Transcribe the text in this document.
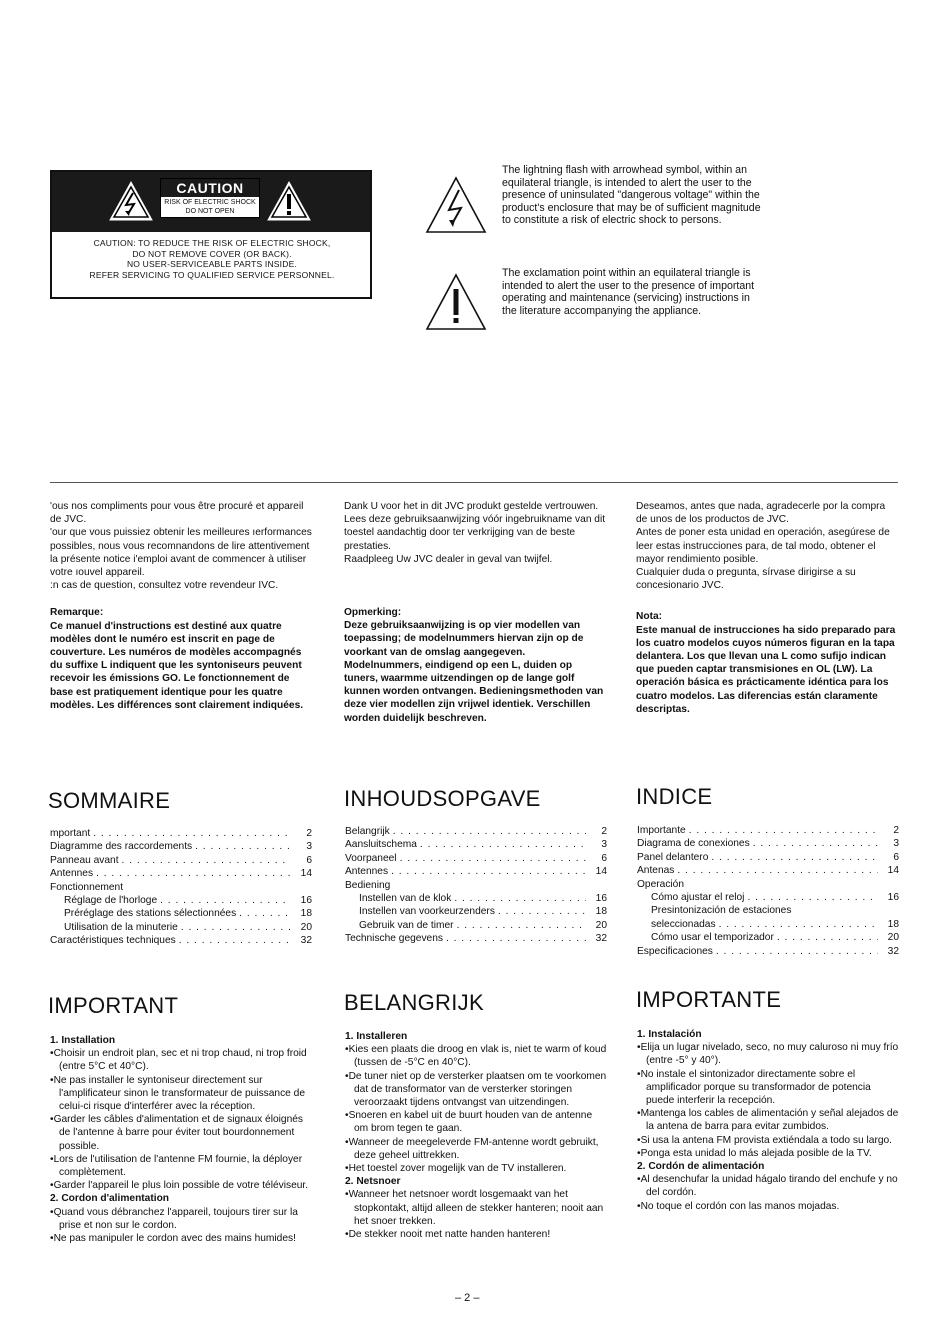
CAUTION
RISK OF ELECTRIC SHOCK
DO NOT OPEN
CAUTION: TO REDUCE THE RISK OF ELECTRIC SHOCK,
DO NOT REMOVE COVER (OR BACK).
NO USER-SERVICEABLE PARTS INSIDE.
REFER SERVICING TO QUALIFIED SERVICE PERSONNEL.
The lightning flash with arrowhead symbol, within an equilateral triangle, is intended to alert the user to the presence of uninsulated "dangerous voltage" within the product's enclosure that may be of sufficient magnitude to constitute a risk of electric shock to persons.
The exclamation point within an equilateral triangle is intended to alert the user to the presence of important operating and maintenance (servicing) instructions in the literature accompanying the appliance.

'ous nos compliments pour vous être procuré et appareil de JVC.

'our que vous puissiez obtenir les meilleures ıerformances possibles, nous vous recomnandons de lire attentivement la présente notice i'emploi avant de commencer à utiliser votre ıouvel appareil.

:n cas de question, consultez votre revendeur IVC.

Remarque:
Ce manuel d'instructions est destiné aux quatre modèles dont le numéro est inscrit en page de couverture. Les numéros de modèles accompagnés du suffixe L indiquent que les syntoniseurs peuvent recevoir les émissions GO. Le fonctionnement de base est pratiquement identique pour les quatre modèles. Les différences sont clairement indiquées.

Dank U voor het in dit JVC produkt gestelde vertrouwen.

Lees deze gebruiksaanwijzing vóór ingebruikname van dit toestel aandachtig door ter verkrijging van de beste prestaties.

Raadpleeg Uw JVC dealer in geval van twijfel.

Opmerking:
Deze gebruiksaanwijzing is op vier modellen van toepassing; de modelnummers hiervan zijn op de voorkant van de omslag aangegeven. Modelnummers, eindigend op een L, duiden op tuners, waarmme uitzendingen op de lange golf kunnen worden ontvangen. Bedieningsmethoden van deze vier modellen zijn vrijwel identiek. Verschillen worden duidelijk beschreven.

Deseamos, antes que nada, agradecerle por la compra de unos de los productos de JVC.

Antes de poner esta unidad en operación, asegúrese de leer estas instrucciones para, de tal modo, obtener el mayor rendimiento posible.

Cualquier duda o pregunta, sírvase dirigirse a su concesionario JVC.

Nota:
Este manual de instrucciones ha sido preparado para los cuatro modelos cuyos números figuran en la tapa delantera. Los que llevan una L como sufijo indican que pueden captar transmisiones en OL (LW). La operación básica es prácticamente idéntica para los cuatro modelos. Las diferencias están claramente descriptas.
SOMMAIRE	INHOUDSOPGAVE	INDICE
mportant . . .	2
Diagramme des raccordements . . .	3
Panneau avant . . .	6
Antennes . . .	14
Fonctionnement
Réglage de l'horloge . . .	16
Préréglage des stations sélectionnées . . .	18
Utilisation de la minuterie . . .	20
Caractéristiques techniques . . .	32
Belangrijk . . .	2
Aansluitschema . . .	3
Voorpaneel . . .	6
Antennes . . .	14
Bediening
Instellen van de klok . . .	16
Instellen van voorkeurzenders . . .	18
Gebruik van de timer . . .	20
Technische gegevens . . .	32
Importante . . .	2
Diagrama de conexiones . . .	3
Panel delantero . . .	6
Antenas . . .	14
Operación
Cómo ajustar el reloj . . .	16
Presintonización de estaciones
seleccionadas . . .	18
Cómo usar el temporizador . . .	20
Especificaciones . . .	32
IMPORTANT	BELANGRIJK	IMPORTANTE
1. Installation
•Choisir un endroit plan, sec et ni trop chaud, ni trop froid (entre 5°C et 40°C).
•Ne pas installer le syntoniseur directement sur l'amplificateur sinon le transformateur de puissance de celui-ci risque d'interférer avec la réception.
•Garder les câbles d'alimentation et de signaux éloignés de l'antenne à barre pour éviter tout bourdonnement possible.
•Lors de l'utilisation de l'antenne FM fournie, la déployer complètement.
•Garder l'appareil le plus loin possible de votre téléviseur.
2. Cordon d'alimentation
•Quand vous débranchez l'appareil, toujours tirer sur la prise et non sur le cordon.
•Ne pas manipuler le cordon avec des mains humides!
1. Installeren
•Kies een plaats die droog en vlak is, niet te warm of koud (tussen de -5°C en 40°C).
•De tuner niet op de versterker plaatsen om te voorkomen dat de transformator van de versterker storingen veroorzaakt tijdens ontvangst van uitzendingen.
•Snoeren en kabel uit de buurt houden van de antenne om brom tegen te gaan.
•Wanneer de meegeleverde FM-antenne wordt gebruikt, deze geheel uittrekken.
•Het toestel zover mogelijk van de TV installeren.
2. Netsnoer
•Wanneer het netsnoer wordt losgemaakt van het stopkontakt, altijd alleen de stekker hanteren; nooit aan het snoer trekken.
•De stekker nooit met natte handen hanteren!
1. Instalación
•Elija un lugar nivelado, seco, no muy caluroso ni muy frío (entre -5° y 40°).
•No instale el sintonizador directamente sobre el amplificador porque su transformador de potencia puede interferir la recepción.
•Mantenga los cables de alimentación y señal alejados de la antena de barra para evitar zumbidos.
•Si usa la antena FM provista extiéndala a todo su largo.
•Ponga esta unidad lo más alejada posible de la TV.
2. Cordón de alimentación
•Al desenchufar la unidad hágalo tirando del enchufe y no del cordón.
•No toque el cordón con las manos mojadas.
– 2 –
